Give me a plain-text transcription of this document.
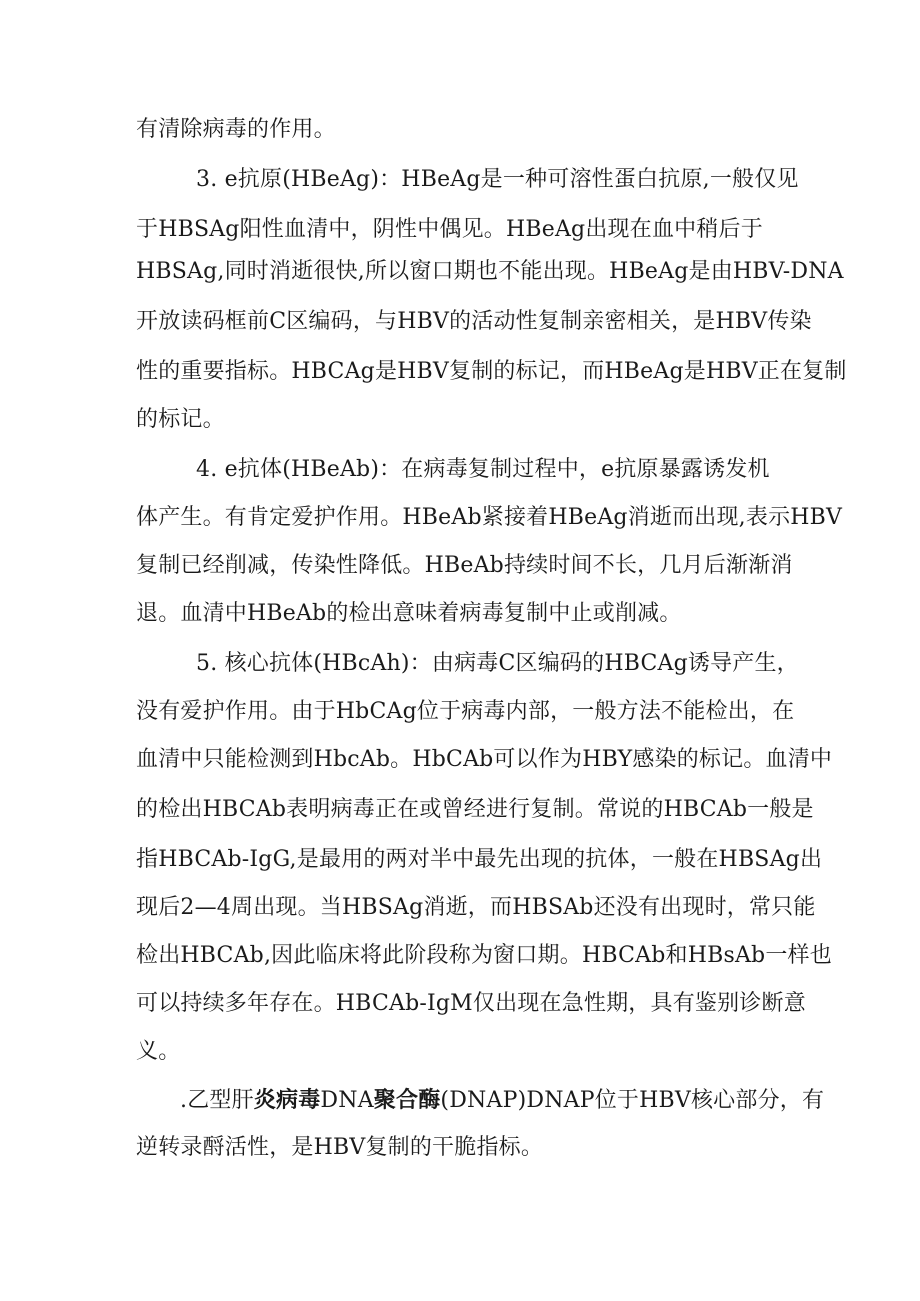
有清除病毒的作用。
3. e抗原(HBeAg)：HBeAg是一种可溶性蛋白抗原,一般仅见
于HBSAg阳性血清中，阴性中偶见。HBeAg出现在血中稍后于
HBSAg,同时消逝很快,所以窗口期也不能出现。HBeAg是由HBV-DNA
开放读码框前C区编码，与HBV的活动性复制亲密相关，是HBV传染
性的重要指标。HBCAg是HBV复制的标记，而HBeAg是HBV正在复制
的标记。
4. e抗体(HBeAb)：在病毒复制过程中，e抗原暴露诱发机
体产生。有肯定爱护作用。HBeAb紧接着HBeAg消逝而出现,表示HBV
复制已经削减，传染性降低。HBeAb持续时间不长，几月后渐渐消
退。血清中HBeAb的检出意味着病毒复制中止或削减。
5. 核心抗体(HBcAh)：由病毒C区编码的HBCAg诱导产生，
没有爱护作用。由于HbCAg位于病毒内部，一般方法不能检出，在
血清中只能检测到HbcAb。HbCAb可以作为HBY感染的标记。血清中
的检出HBCAb表明病毒正在或曾经进行复制。常说的HBCAb一般是
指HBCAb-IgG,是最用的两对半中最先出现的抗体，一般在HBSAg出
现后2—4周出现。当HBSAg消逝，而HBSAb还没有出现时，常只能
检出HBCAb,因此临床将此阶段称为窗口期。HBCAb和HBsAb一样也
可以持续多年存在。HBCAb-IgM仅出现在急性期，具有鉴别诊断意
义。
.乙型肝炎病毒DNA聚合酶(DNAP)DNAP位于HBV核心部分，有
逆转录酹活性，是HBV复制的干脆指标。
